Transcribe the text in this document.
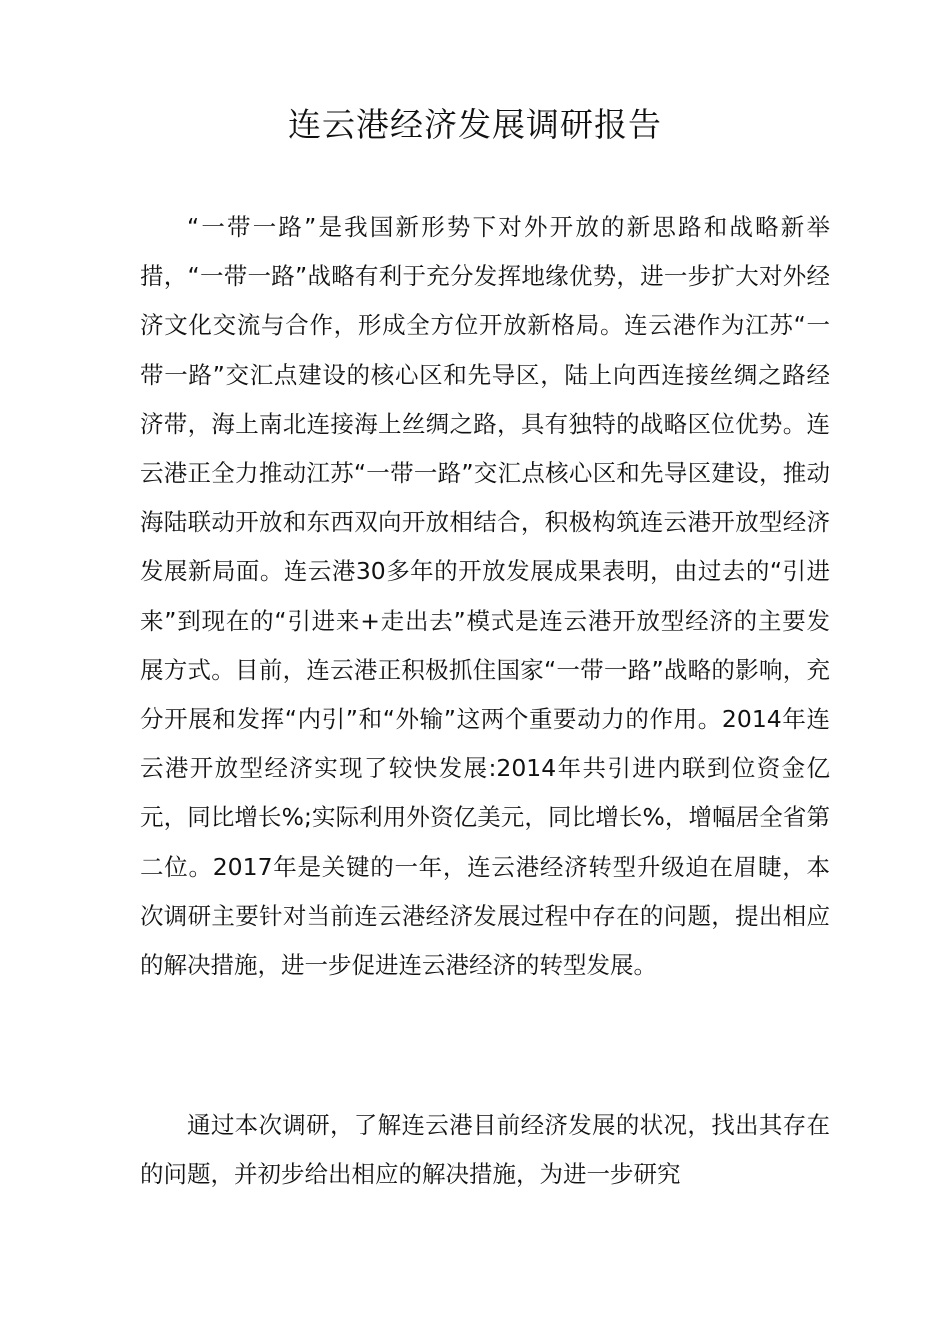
连云港经济发展调研报告

“一带一路”是我国新形势下对外开放的新思路和战略新举措，“一带一路”战略有利于充分发挥地缘优势，进一步扩大对外经济文化交流与合作，形成全方位开放新格局。连云港作为江苏“一带一路”交汇点建设的核心区和先导区，陆上向西连接丝绸之路经济带，海上南北连接海上丝绸之路，具有独特的战略区位优势。连云港正全力推动江苏“一带一路”交汇点核心区和先导区建设，推动海陆联动开放和东西双向开放相结合，积极构筑连云港开放型经济发展新局面。连云港30多年的开放发展成果表明，由过去的“引进来”到现在的“引进来+走出去”模式是连云港开放型经济的主要发展方式。目前，连云港正积极抓住国家“一带一路”战略的影响，充分开展和发挥“内引”和“外输”这两个重要动力的作用。2014年连云港开放型经济实现了较快发展:2014年共引进内联到位资金亿元，同比增长%;实际利用外资亿美元，同比增长%，增幅居全省第二位。2017年是关键的一年，连云港经济转型升级迫在眉睫，本次调研主要针对当前连云港经济发展过程中存在的问题，提出相应的解决措施，进一步促进连云港经济的转型发展。

通过本次调研，了解连云港目前经济发展的状况，找出其存在的问题，并初步给出相应的解决措施，为进一步研究
